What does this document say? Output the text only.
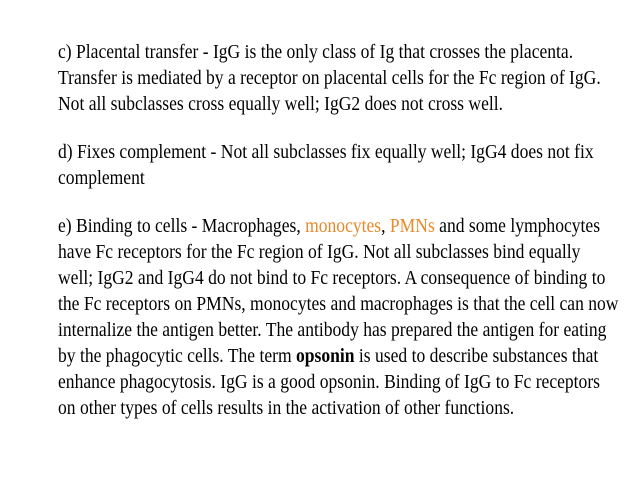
c) Placental transfer - IgG is the only class of Ig that crosses the placenta.
Transfer is mediated by a receptor on placental cells for the Fc region of IgG.
Not all subclasses cross equally well; IgG2 does not cross well.

d) Fixes complement - Not all subclasses fix equally well; IgG4 does not fix
complement

e) Binding to cells - Macrophages, monocytes, PMNs and some lymphocytes
have Fc receptors for the Fc region of IgG. Not all subclasses bind equally
well; IgG2 and IgG4 do not bind to Fc receptors. A consequence of binding to
the Fc receptors on PMNs, monocytes and macrophages is that the cell can now
internalize the antigen better. The antibody has prepared the antigen for eating
by the phagocytic cells. The term opsonin is used to describe substances that
enhance phagocytosis. IgG is a good opsonin. Binding of IgG to Fc receptors
on other types of cells results in the activation of other functions.
